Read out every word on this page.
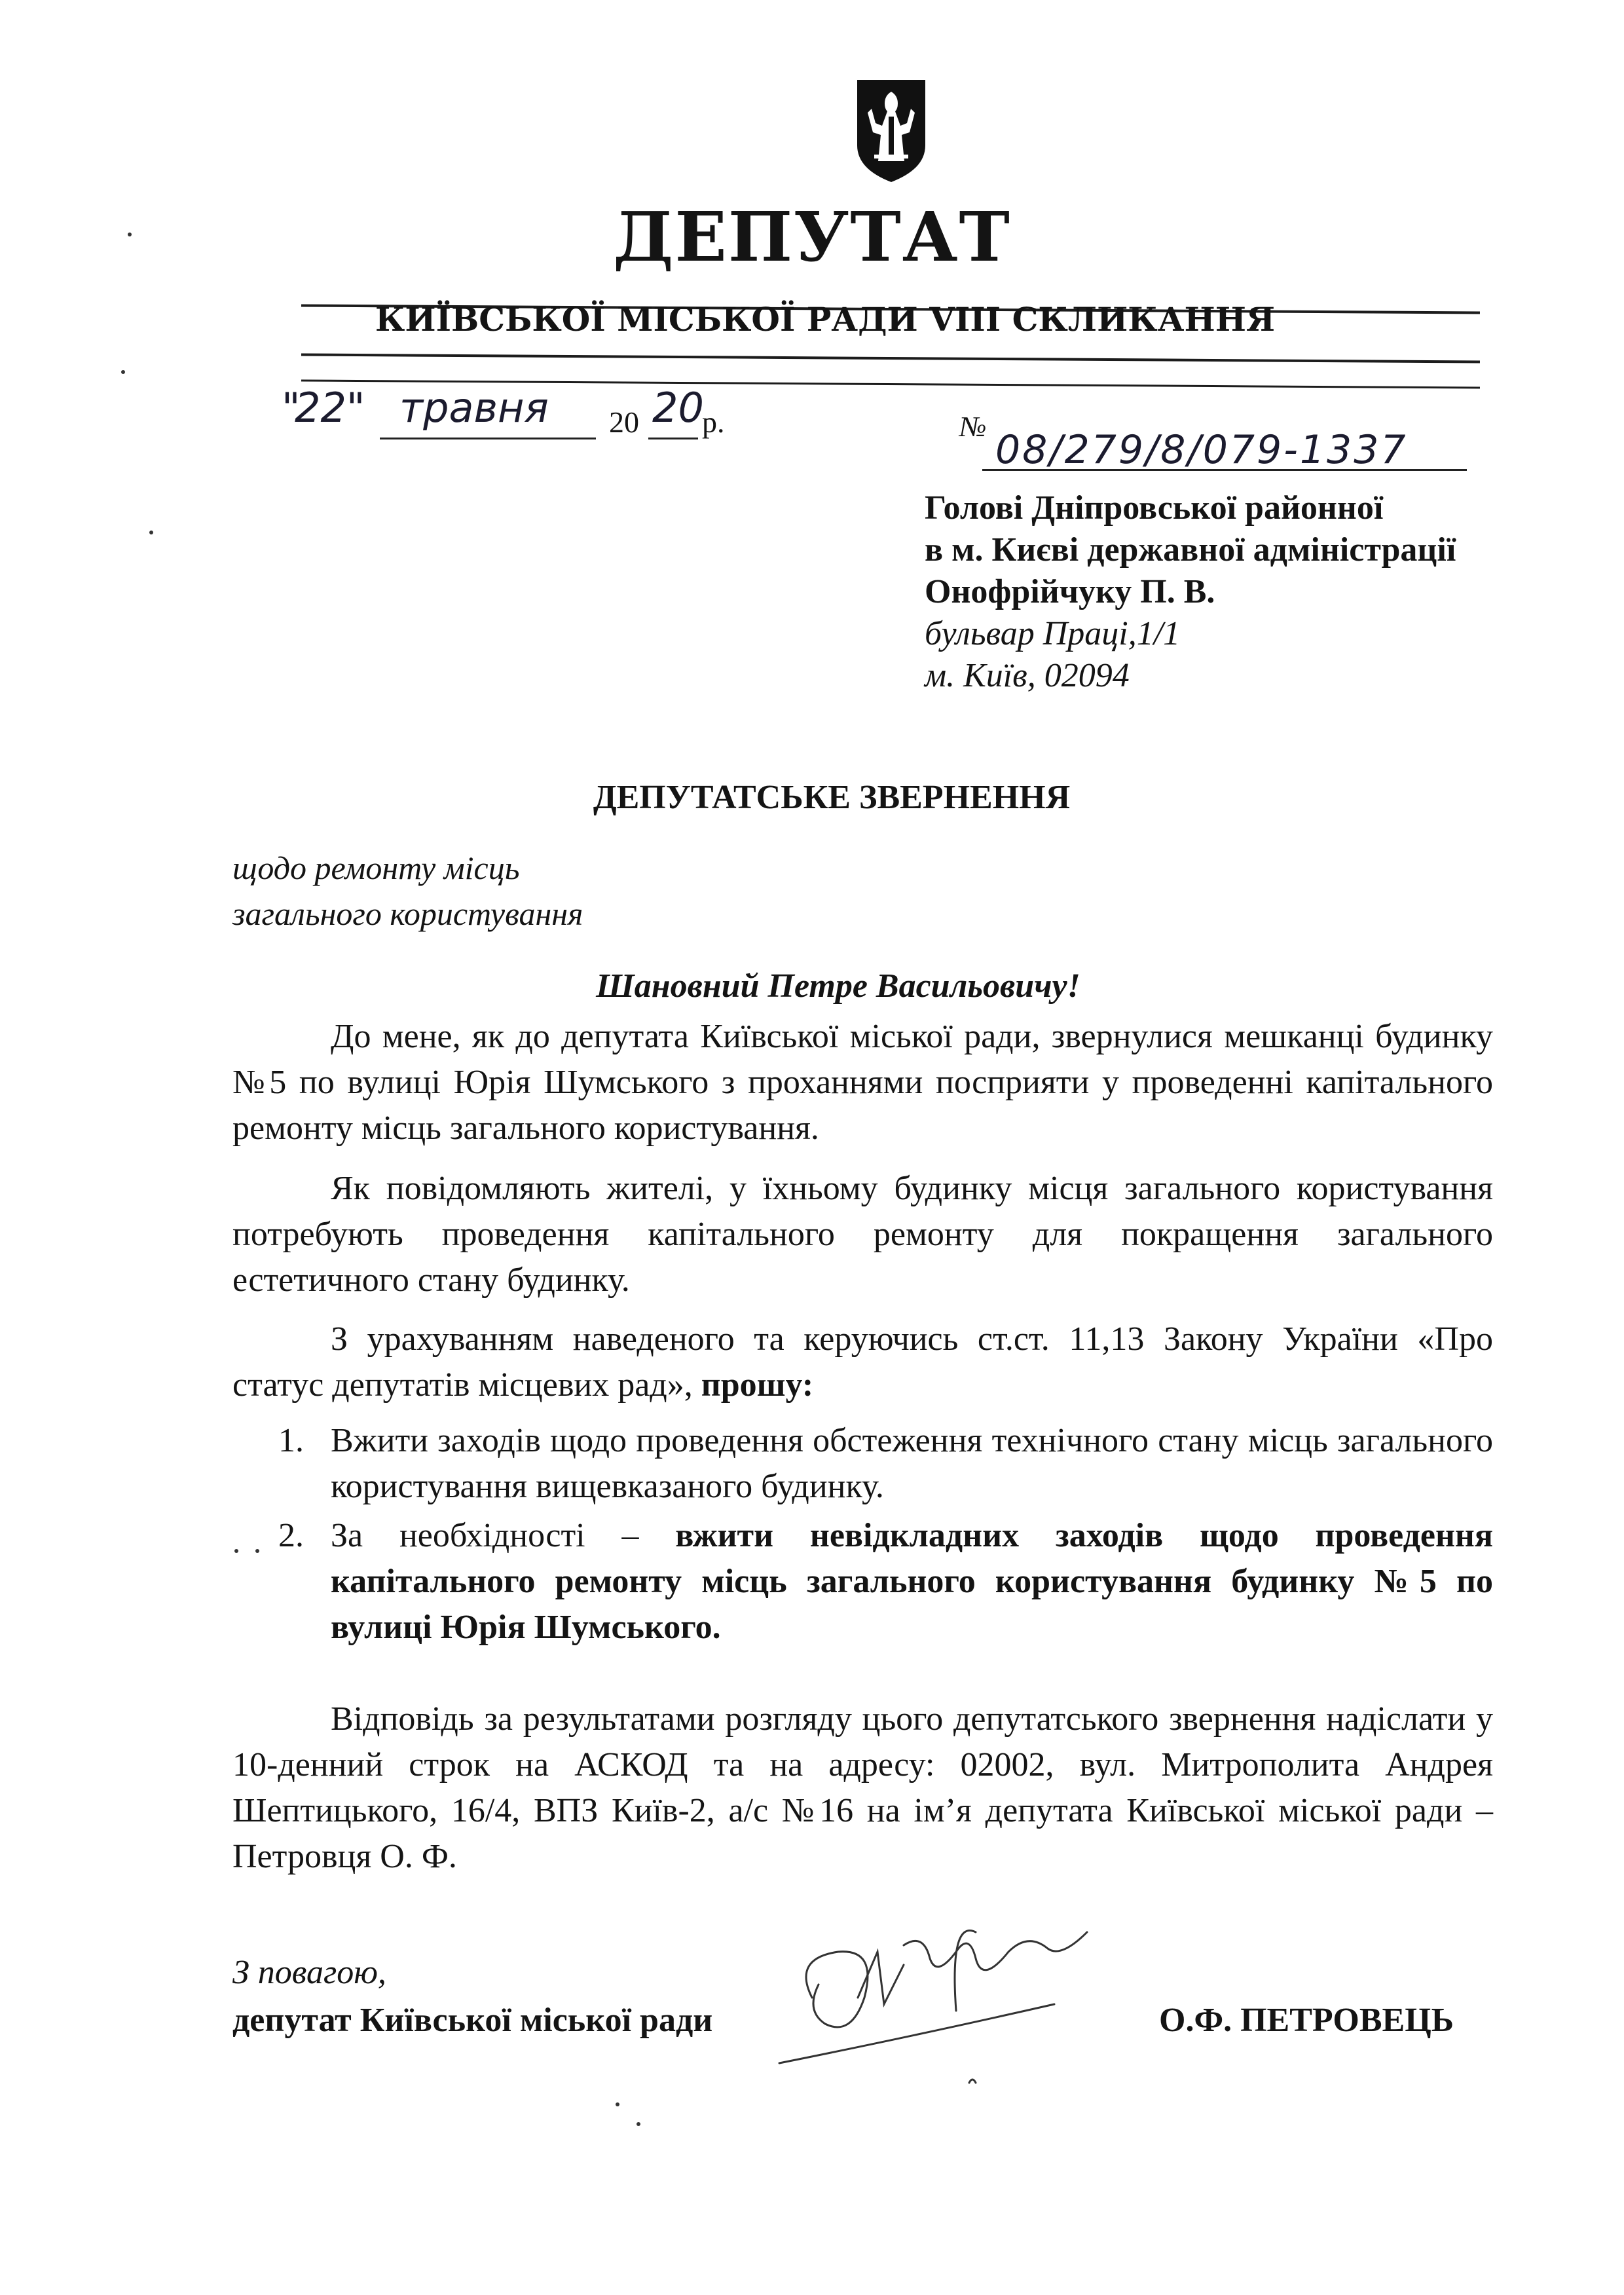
ДЕПУТАТ
КИЇВСЬКОЇ МІСЬКОЇ РАДИ VIII СКЛИКАННЯ
"
22" травня 20 20
р.	№
08/279/8/079-1337
Голові Дніпровської районної
в м. Києві державної адміністрації
Онофрійчуку П. В.
бульвар Праці,1/1
м. Київ, 02094
ДЕПУТАТСЬКЕ ЗВЕРНЕННЯ
щодо ремонту місць
загального користування
Шановний Петре Васильовичу!
До мене, як до депутата Київської міської ради, звернулися мешканці будинку №5 по вулиці Юрія Шумського з проханнями посприяти у проведенні капітального ремонту місць загального користування.
Як повідомляють жителі, у їхньому будинку місця загального користування потребують проведення капітального ремонту для покращення загального естетичного стану будинку.
З урахуванням наведеного та керуючись ст.ст. 11,13 Закону України «Про статус депутатів місцевих рад», прошу:
1. Вжити заходів щодо проведення обстеження технічного стану місць загального користування вищевказаного будинку.
2. За необхідності – вжити невідкладних заходів щодо проведення капітального ремонту місць загального користування будинку №5 по вулиці Юрія Шумського.
Відповідь за результатами розгляду цього депутатського звернення надіслати у 10-денний строк на АСКОД та на адресу: 02002, вул. Митрополита Андрея Шептицького, 16/4, ВПЗ Київ-2, а/с №16 на ім’я депутата Київської міської ради – Петровця О. Ф.
З повагою,
депутат Київської міської ради	О.Ф. ПЕТРОВЕЦЬ
